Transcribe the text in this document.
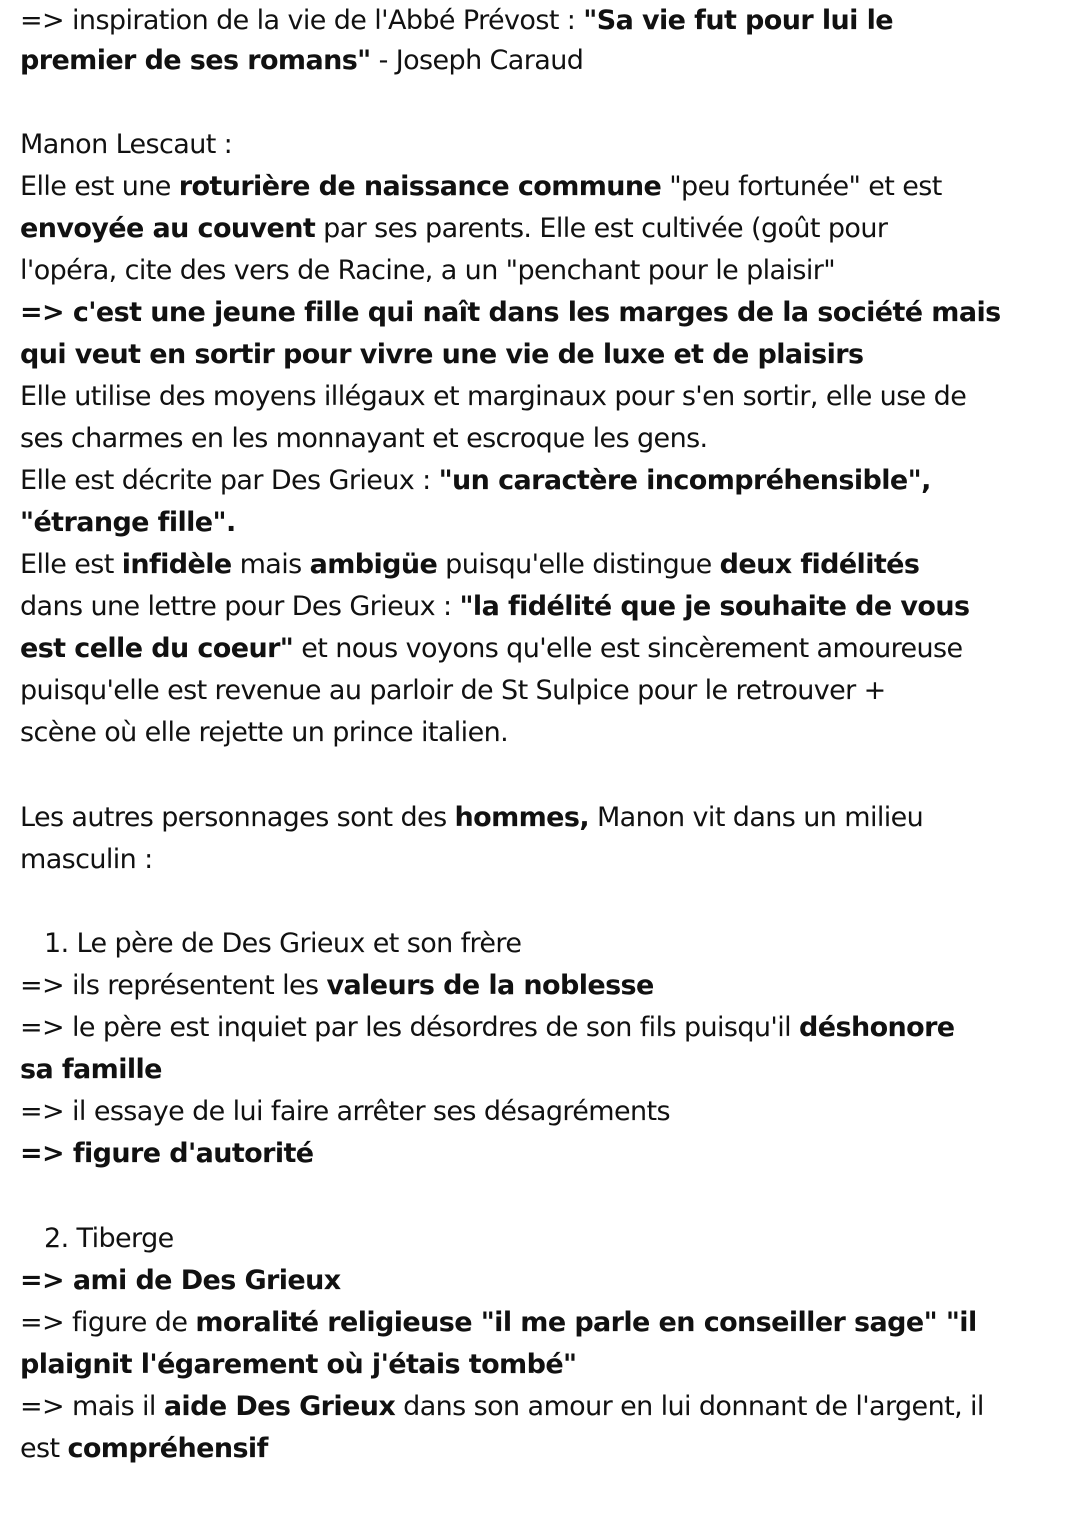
=> inspiration de la vie de l'Abbé Prévost : "Sa vie fut pour lui le
premier de ses romans" - Joseph Caraud
Manon Lescaut :
Elle est une roturière de naissance commune "peu fortunée" et est
envoyée au couvent par ses parents. Elle est cultivée (goût pour
l'opéra, cite des vers de Racine, a un "penchant pour le plaisir"
=> c'est une jeune fille qui naît dans les marges de la société mais
qui veut en sortir pour vivre une vie de luxe et de plaisirs
Elle utilise des moyens illégaux et marginaux pour s'en sortir, elle use de
ses charmes en les monnayant et escroque les gens.
Elle est décrite par Des Grieux : "un caractère incompréhensible",
"étrange fille".
Elle est infidèle mais ambigüe puisqu'elle distingue deux fidélités
dans une lettre pour Des Grieux : "la fidélité que je souhaite de vous
est celle du coeur" et nous voyons qu'elle est sincèrement amoureuse
puisqu'elle est revenue au parloir de St Sulpice pour le retrouver +
scène où elle rejette un prince italien.
Les autres personnages sont des hommes, Manon vit dans un milieu
masculin :
1. Le père de Des Grieux et son frère
=> ils représentent les valeurs de la noblesse
=> le père est inquiet par les désordres de son fils puisqu'il déshonore
sa famille
=> il essaye de lui faire arrêter ses désagréments
=> figure d'autorité
2. Tiberge
=> ami de Des Grieux
=> figure de moralité religieuse "il me parle en conseiller sage" "il
plaignit l'égarement où j'étais tombé"
=> mais il aide Des Grieux dans son amour en lui donnant de l'argent, il
est compréhensif
